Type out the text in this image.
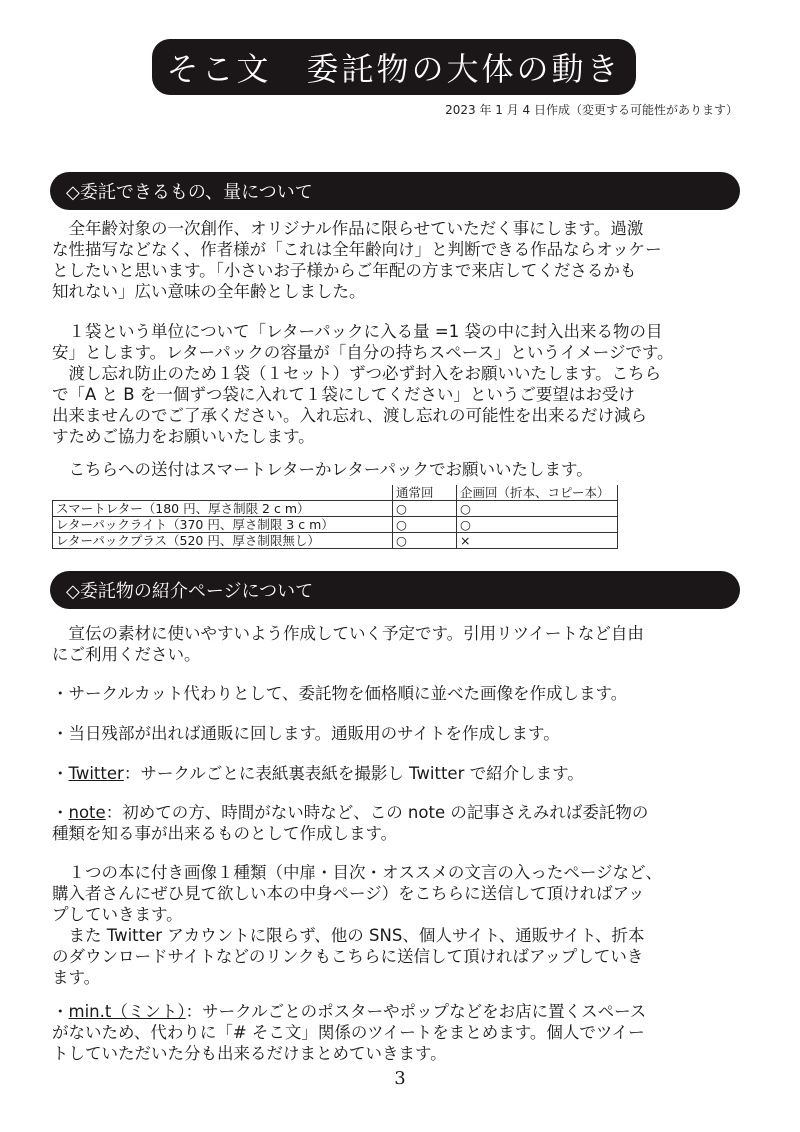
そこ文　委託物の大体の動き
2023 年 1 月 4 日作成（変更する可能性があります）
◇委託できるもの、量について

　全年齢対象の一次創作、オリジナル作品に限らせていただく事にします。過激
な性描写などなく、作者様が「これは全年齢向け」と判断できる作品ならオッケー
としたいと思います。「小さいお子様からご年配の方まで来店してくださるかも
知れない」広い意味の全年齢としました。

　１袋という単位について「レターパックに入る量 =1 袋の中に封入出来る物の目
安」とします。レターパックの容量が「自分の持ちスペース」というイメージです。
　渡し忘れ防止のため１袋（１セット）ずつ必ず封入をお願いいたします。こちら
で「A と B を一個ずつ袋に入れて１袋にしてください」というご要望はお受け
出来ませんのでご了承ください。入れ忘れ、渡し忘れの可能性を出来るだけ減ら
すためご協力をお願いいたします。

　こちらへの送付はスマートレターかレターパックでお願いいたします。

	通常回	企画回（折本、コピー本）
スマートレター（180 円、厚さ制限 2 c m）	○	○
レターパックライト（370 円、厚さ制限 3 c m）	○	○
レターパックプラス（520 円、厚さ制限無し）	○	×
◇委託物の紹介ページについて

　宣伝の素材に使いやすいよう作成していく予定です。引用リツイートなど自由
にご利用ください。

・サークルカット代わりとして、委託物を価格順に並べた画像を作成します。

・当日残部が出れば通販に回します。通販用のサイトを作成します。

・Twitter：サークルごとに表紙裏表紙を撮影し Twitter で紹介します。

・note：初めての方、時間がない時など、この note の記事さえみれば委託物の
種類を知る事が出来るものとして作成します。

　１つの本に付き画像１種類（中扉・目次・オススメの文言の入ったページなど、
購入者さんにぜひ見て欲しい本の中身ページ）をこちらに送信して頂ければアッ
プしていきます。
　また Twitter アカウントに限らず、他の SNS、個人サイト、通販サイト、折本
のダウンロードサイトなどのリンクもこちらに送信して頂ければアップしていき
ます。

・min.t（ミント）：サークルごとのポスターやポップなどをお店に置くスペース
がないため、代わりに「# そこ文」関係のツイートをまとめます。個人でツイー
トしていただいた分も出来るだけまとめていきます。

3
